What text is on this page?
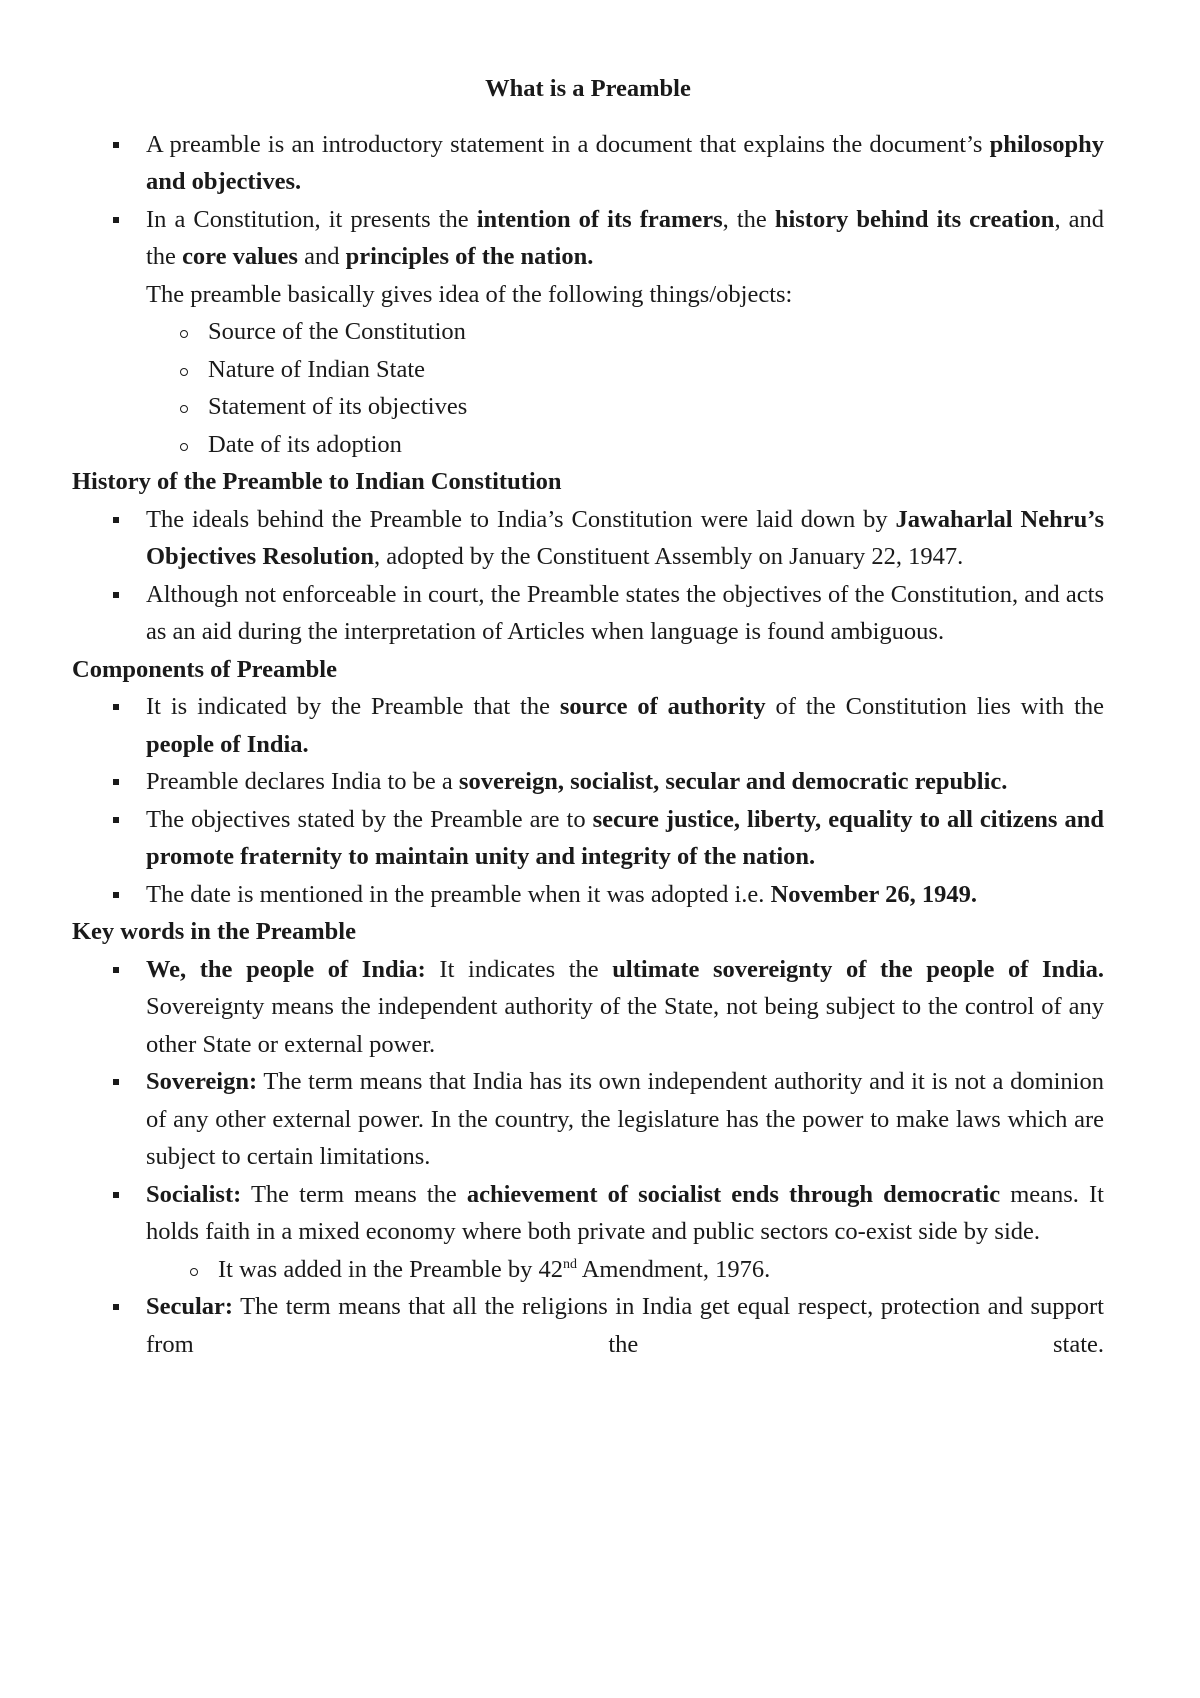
What is a Preamble
A preamble is an introductory statement in a document that explains the document’s philosophy and objectives.
In a Constitution, it presents the intention of its framers, the history behind its creation, and the core values and principles of the nation.
The preamble basically gives idea of the following things/objects:
Source of the Constitution
Nature of Indian State
Statement of its objectives
Date of its adoption
History of the Preamble to Indian Constitution
The ideals behind the Preamble to India’s Constitution were laid down by Jawaharlal Nehru’s Objectives Resolution, adopted by the Constituent Assembly on January 22, 1947.
Although not enforceable in court, the Preamble states the objectives of the Constitution, and acts as an aid during the interpretation of Articles when language is found ambiguous.
Components of Preamble
It is indicated by the Preamble that the source of authority of the Constitution lies with the people of India.
Preamble declares India to be a sovereign, socialist, secular and democratic republic.
The objectives stated by the Preamble are to secure justice, liberty, equality to all citizens and promote fraternity to maintain unity and integrity of the nation.
The date is mentioned in the preamble when it was adopted i.e. November 26, 1949.
Key words in the Preamble
We, the people of India: It indicates the ultimate sovereignty of the people of India. Sovereignty means the independent authority of the State, not being subject to the control of any other State or external power.
Sovereign: The term means that India has its own independent authority and it is not a dominion of any other external power. In the country, the legislature has the power to make laws which are subject to certain limitations.
Socialist: The term means the achievement of socialist ends through democratic means. It holds faith in a mixed economy where both private and public sectors co-exist side by side.
It was added in the Preamble by 42nd Amendment, 1976.
Secular: The term means that all the religions in India get equal respect, protection and support from the state.
